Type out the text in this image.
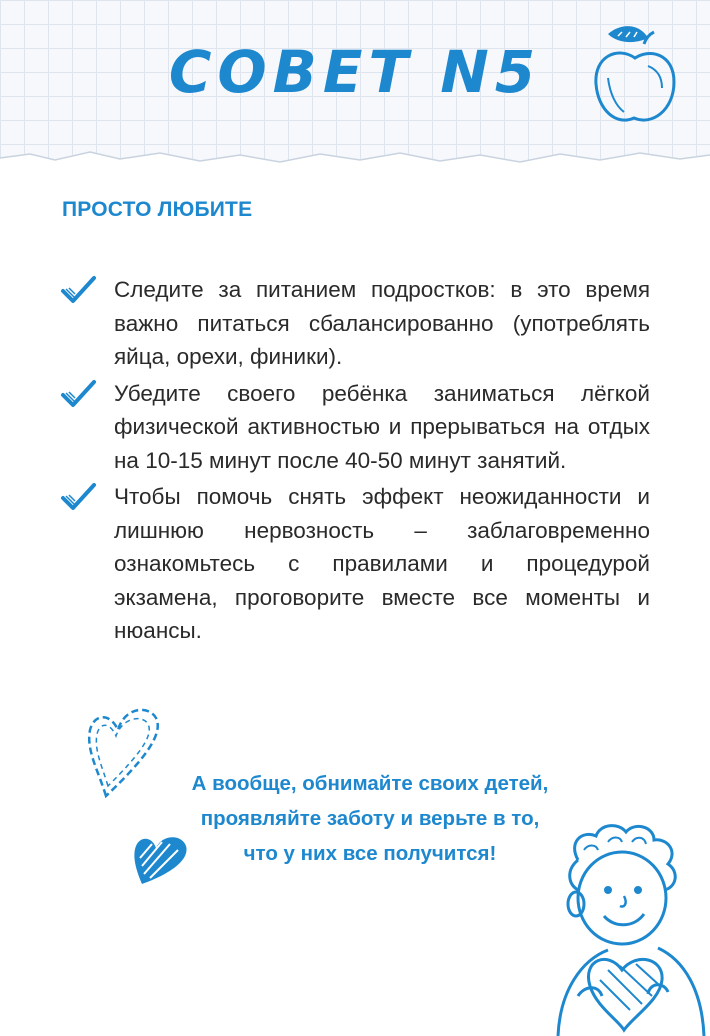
COBET N5
ПРОСТО ЛЮБИТЕ
Следите за питанием подростков: в это время важно питаться сбалансированно (употреблять яйца, орехи, финики).
Убедите своего ребёнка заниматься лёгкой физической активностью и прерываться на отдых на 10-15 минут после 40-50 минут занятий.
Чтобы помочь снять эффект неожиданности и лишнюю нервозность – заблаговременно ознакомьтесь с правилами и процедурой экзамена, проговорите вместе все моменты и нюансы.

А вообще, обнимайте своих детей,
проявляйте заботу и верьте в то,
что у них все получится!
